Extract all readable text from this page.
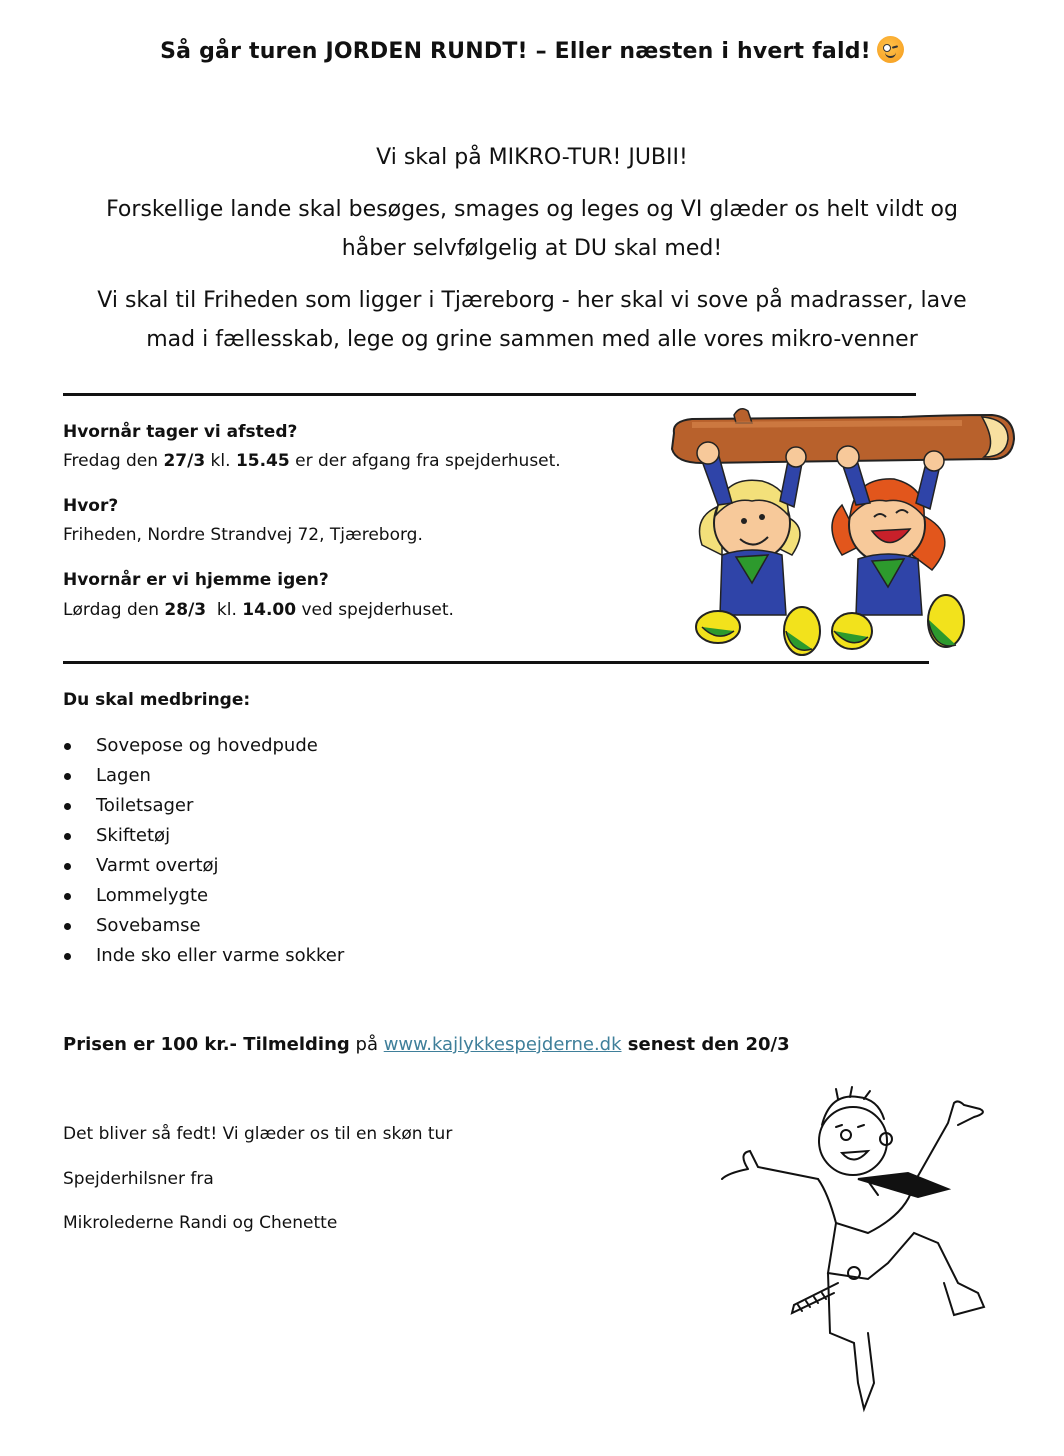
Så går turen JORDEN RUNDT! – Eller næsten i hvert fald!
Vi skal på MIKRO-TUR! JUBII!
Forskellige lande skal besøges, smages og leges og VI glæder os helt vildt og
håber selvfølgelig at DU skal med!
Vi skal til Friheden som ligger i Tjæreborg - her skal vi sove på madrasser, lave
mad i fællesskab, lege og grine sammen med alle vores mikro-venner
Hvornår tager vi afsted?
Fredag den 27/3 kl. 15.45 er der afgang fra spejderhuset.
Hvor?
Friheden, Nordre Strandvej 72, Tjæreborg.
Hvornår er vi hjemme igen?
Lørdag den 28/3  kl. 14.00 ved spejderhuset.
Du skal medbringe:
Sovepose og hovedpude
Lagen
Toiletsager
Skiftetøj
Varmt overtøj
Lommelygte
Sovebamse
Inde sko eller varme sokker
Prisen er 100 kr.- Tilmelding på www.kajlykkespejderne.dk senest den 20/3
Det bliver så fedt! Vi glæder os til en skøn tur
Spejderhilsner fra
Mikrolederne Randi og Chenette
